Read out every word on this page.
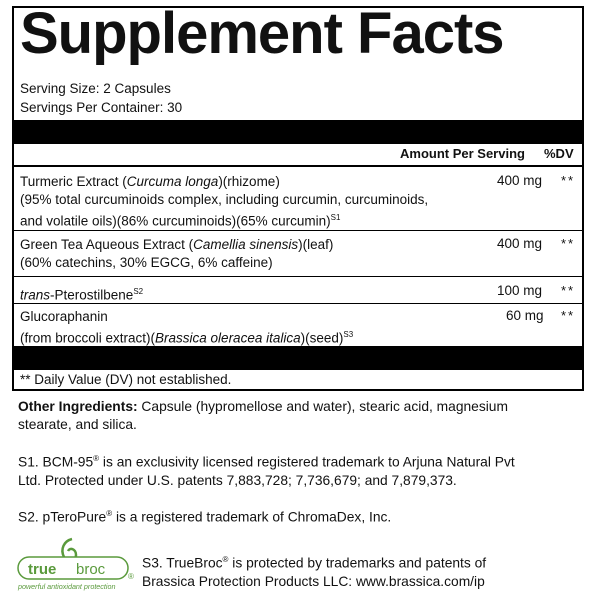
Supplement Facts
Serving Size: 2 Capsules
Servings Per Container: 30
Amount Per Serving %DV
Turmeric Extract (Curcuma longa)(rhizome)
(95% total curcuminoids complex, including curcumin, curcuminoids,
and volatile oils)(86% curcuminoids)(65% curcumin)$^{S1}$
400 mg **
Green Tea Aqueous Extract (Camellia sinensis)(leaf)
(60% catechins, 30% EGCG, 6% caffeine)
400 mg **
trans-Pterostilbene$^{S2}$	100 mg **
Glucoraphanin
(from broccoli extract)(Brassica oleracea italica)(seed)$^{S3}$
60 mg **
** Daily Value (DV) not established.
Other Ingredients: Capsule (hypromellose and water), stearic acid, magnesium
stearate, and silica.
S1. BCM-95® is an exclusivity licensed registered trademark to Arjuna Natural Pvt
Ltd. Protected under U.S. patents 7,883,728; 7,736,679; and 7,879,373.
S2. pTeroPure® is a registered trademark of ChromaDex, Inc.
true broc	®
powerful antioxidant protection
S3. TrueBroc® is protected by trademarks and patents of
Brassica Protection Products LLC: www.brassica.com/ip
